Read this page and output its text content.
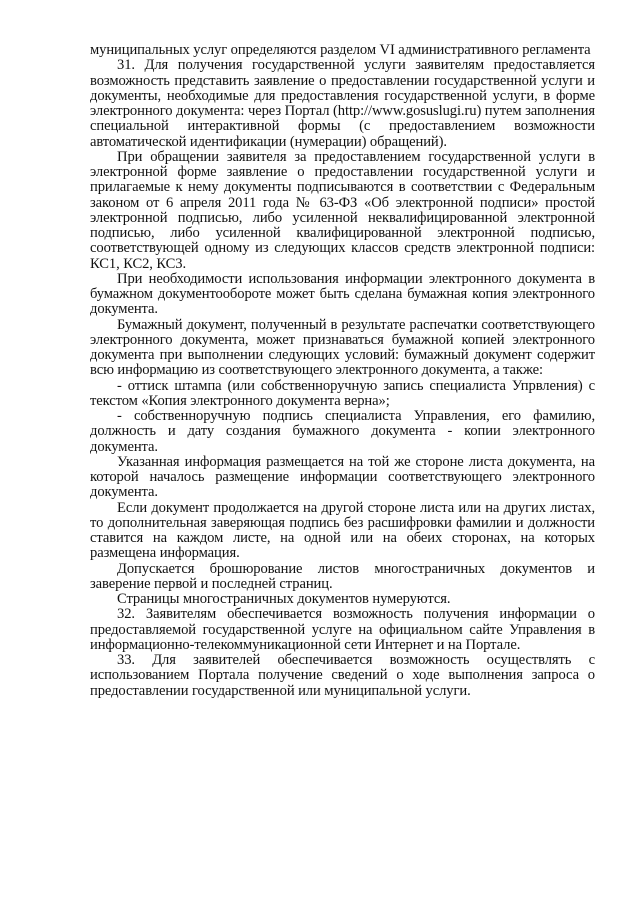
муниципальных услуг определяются разделом VI административного регламента

31. Для получения государственной услуги заявителям предоставляется возможность представить заявление о предоставлении государственной услуги и документы, необходимые для предоставления государственной услуги, в форме электронного документа: через Портал (http://www.gosuslugi.ru) путем заполнения специальной интерактивной формы (с предоставлением возможности автоматической идентификации (нумерации) обращений).

При обращении заявителя за предоставлением государственной услуги в электронной форме заявление о предоставлении государственной услуги и прилагаемые к нему документы подписываются в соответствии с Федеральным законом от 6 апреля 2011 года № 63-ФЗ «Об электронной подписи» простой электронной подписью, либо усиленной неквалифицированной электронной подписью, либо усиленной квалифицированной электронной подписью, соответствующей одному из следующих классов средств электронной подписи: КС1, КС2, КС3.

При необходимости использования информации электронного документа в бумажном документообороте может быть сделана бумажная копия электронного документа.

Бумажный документ, полученный в результате распечатки соответствующего электронного документа, может признаваться бумажной копией электронного документа при выполнении следующих условий: бумажный документ содержит всю информацию из соответствующего электронного документа, а также:

- оттиск штампа (или собственноручную запись специалиста Упрвления) с текстом «Копия электронного документа верна»;

- собственноручную подпись специалиста Управления, его фамилию, должность и дату создания бумажного документа - копии электронного документа.

Указанная информация размещается на той же стороне листа документа, на которой началось размещение информации соответствующего электронного документа.

Если документ продолжается на другой стороне листа или на других листах, то дополнительная заверяющая подпись без расшифровки фамилии и должности ставится на каждом листе, на одной или на обеих сторонах, на которых размещена информация.

Допускается брошюрование листов многостраничных документов и заверение первой и последней страниц.

Страницы многостраничных документов нумеруются.

32. Заявителям обеспечивается возможность получения информации о предоставляемой государственной услуге на официальном сайте Управления в информационно-телекоммуникационной сети Интернет и на Портале.

33. Для заявителей обеспечивается возможность осуществлять с использованием Портала получение сведений о ходе выполнения запроса о предоставлении государственной или муниципальной услуги.
